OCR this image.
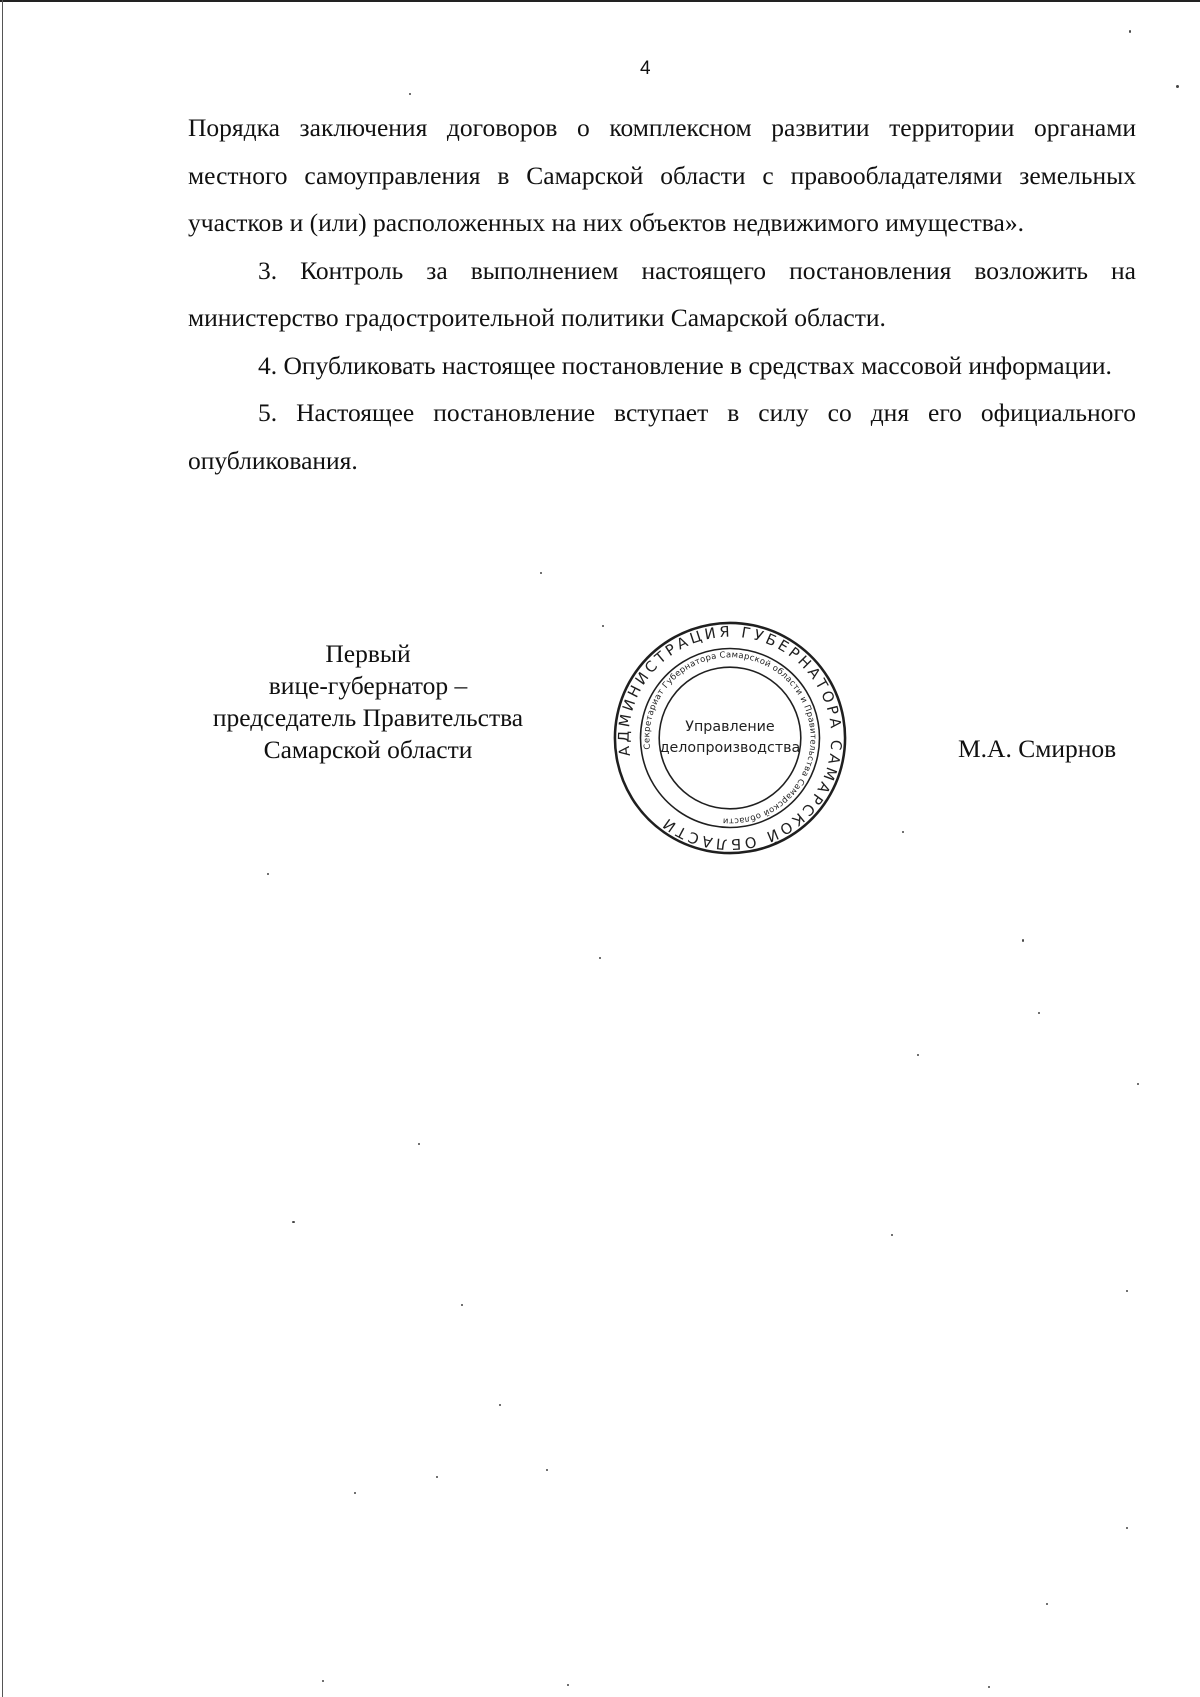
4

Порядка заключения договоров о комплексном развитии территории органами местного самоуправления в Самарской области с правообладателями земельных участков и (или) расположенных на них объектов недвижимого имущества».

3. Контроль за выполнением настоящего постановления возложить на министерство градостроительной политики Самарской области.

4. Опубликовать настоящее постановление в средствах массовой информации.

5. Настоящее постановление вступает в силу со дня его официального опубликования.

Первый
вице-губернатор –
председатель Правительства
Самарской области	АДМИНИСТРАЦИЯ ГУБЕРНАТОРА САМАРСКОЙ ОБЛАСТИ
Секретариат Губернатора Самарской области и Правительства Самарской области
Управление
делопроизводства	М.А. Смирнов
